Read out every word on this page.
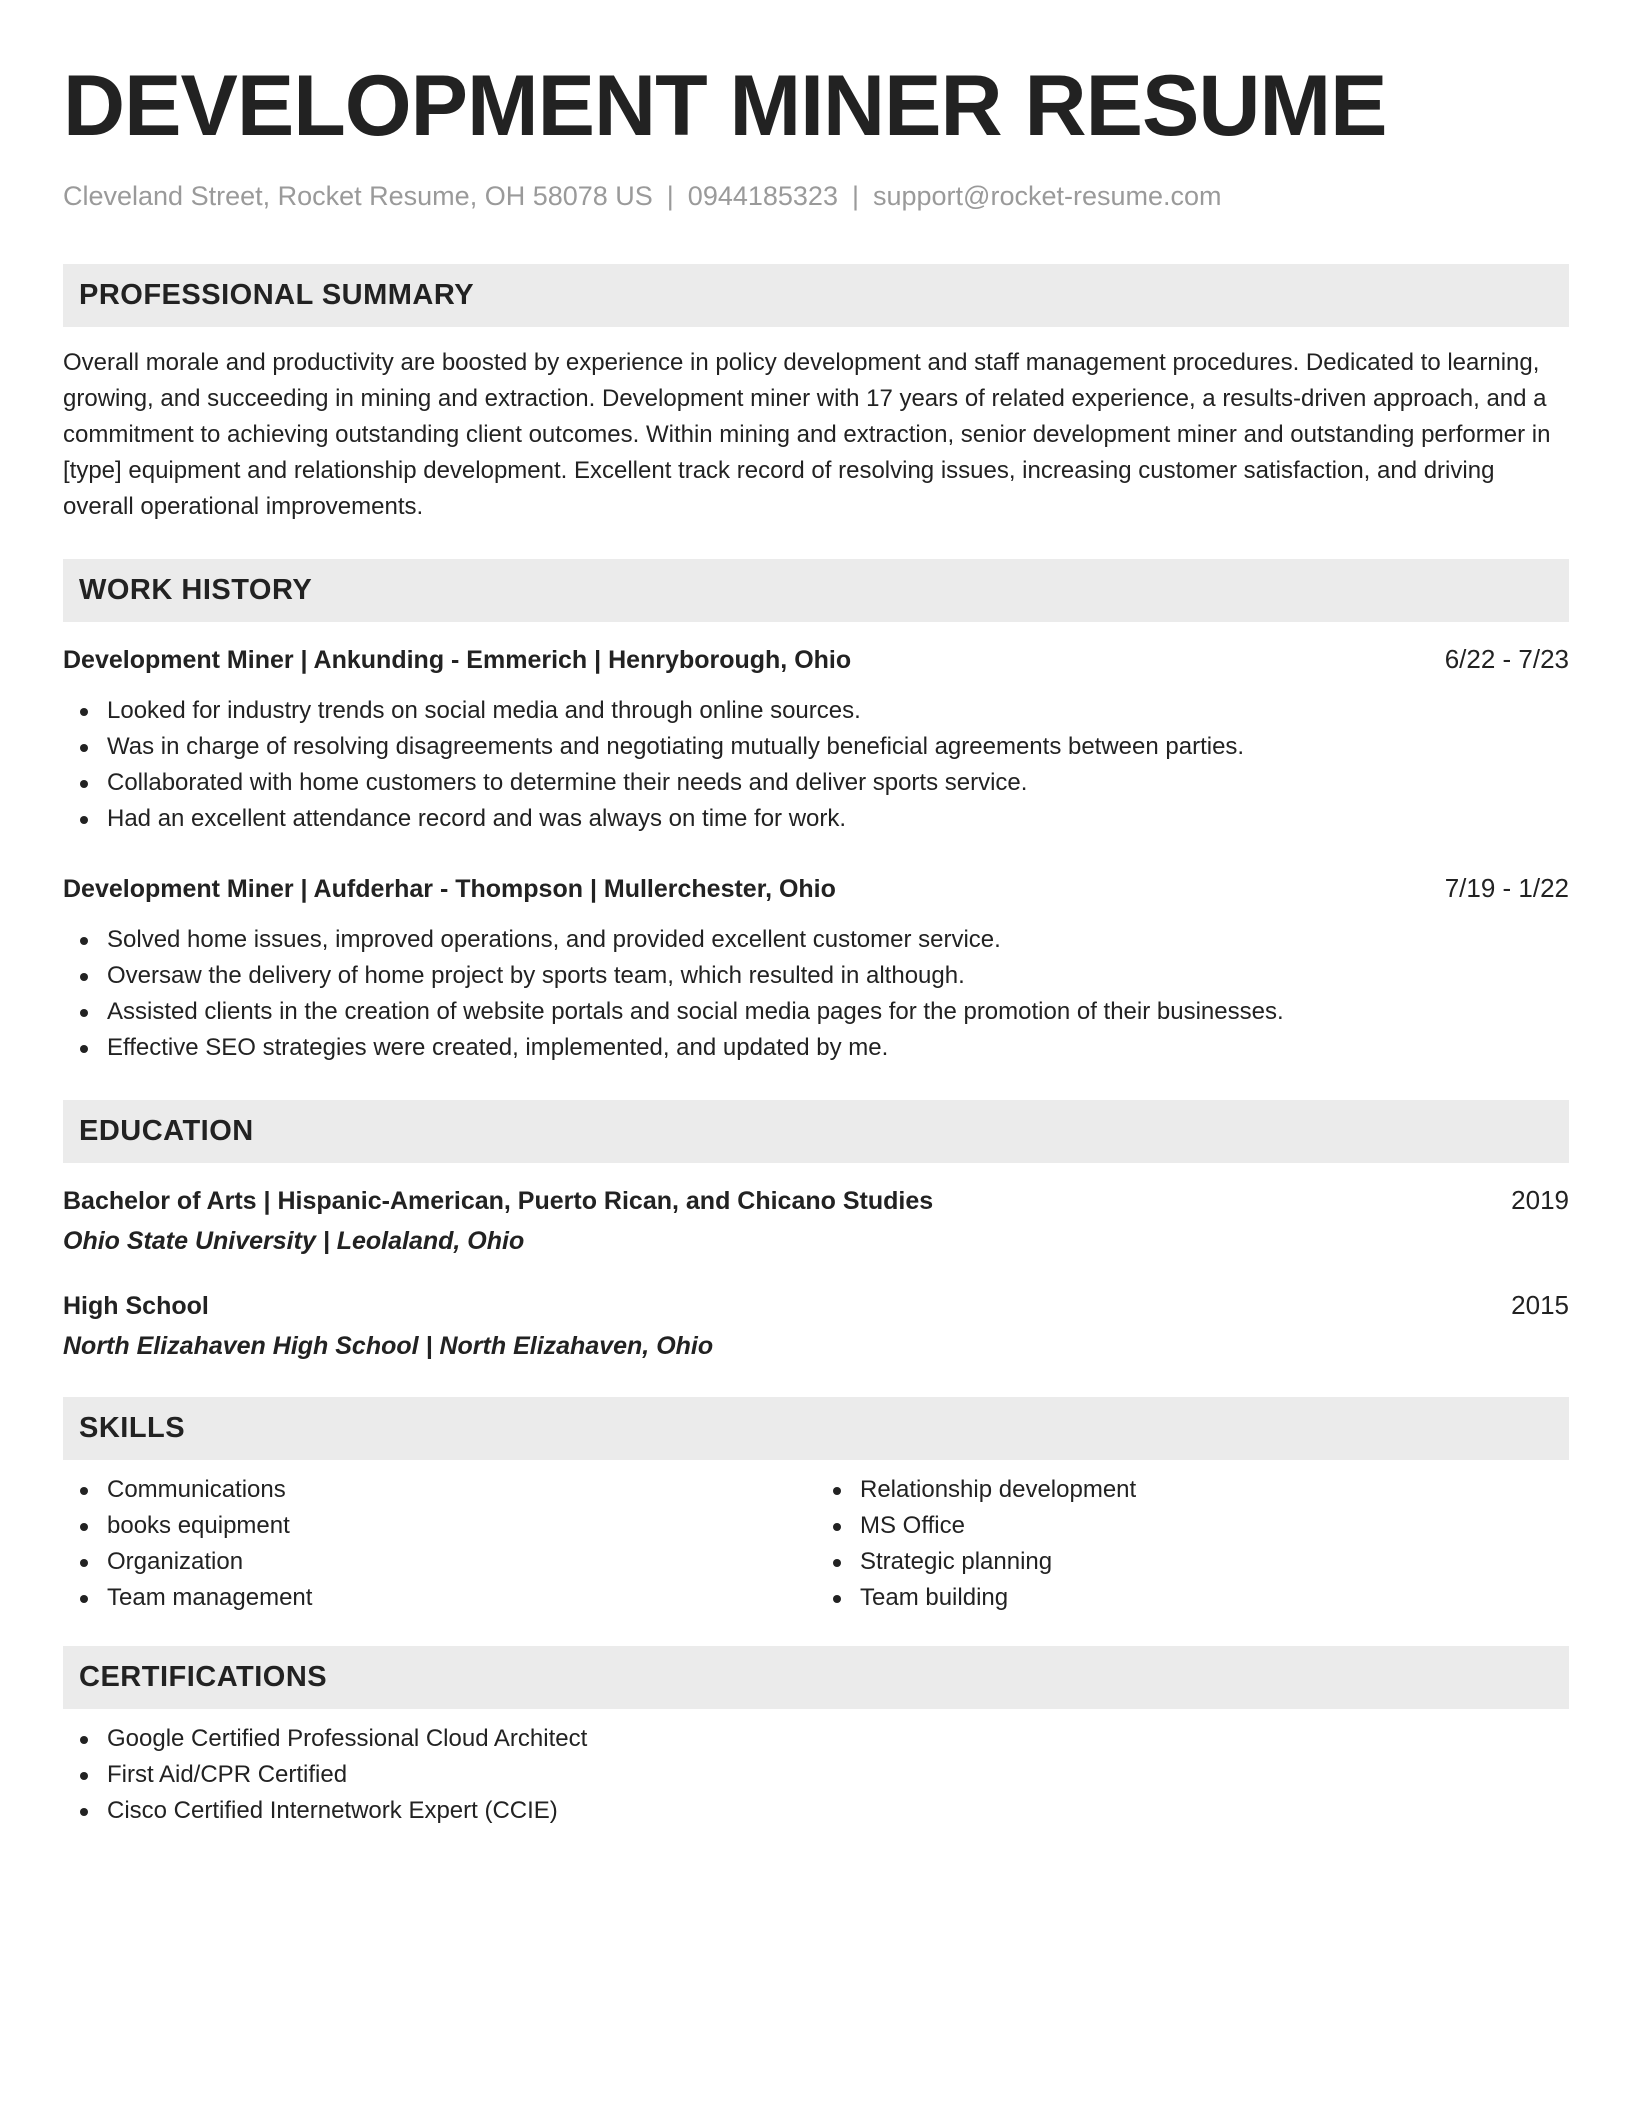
DEVELOPMENT MINER RESUME
Cleveland Street, Rocket Resume, OH 58078 US | 0944185323 | support@rocket-resume.com
PROFESSIONAL SUMMARY

Overall morale and productivity are boosted by experience in policy development and staff management procedures. Dedicated to learning, growing, and succeeding in mining and extraction. Development miner with 17 years of related experience, a results-driven approach, and a commitment to achieving outstanding client outcomes. Within mining and extraction, senior development miner and outstanding performer in [type] equipment and relationship development. Excellent track record of resolving issues, increasing customer satisfaction, and driving overall operational improvements.

WORK HISTORY
Development Miner | Ankunding - Emmerich | Henryborough, Ohio	6/22 - 7/23
Looked for industry trends on social media and through online sources.
Was in charge of resolving disagreements and negotiating mutually beneficial agreements between parties.
Collaborated with home customers to determine their needs and deliver sports service.
Had an excellent attendance record and was always on time for work.
Development Miner | Aufderhar - Thompson | Mullerchester, Ohio	7/19 - 1/22
Solved home issues, improved operations, and provided excellent customer service.
Oversaw the delivery of home project by sports team, which resulted in although.
Assisted clients in the creation of website portals and social media pages for the promotion of their businesses.
Effective SEO strategies were created, implemented, and updated by me.
EDUCATION
Bachelor of Arts | Hispanic-American, Puerto Rican, and Chicano Studies	2019
Ohio State University | Leolaland, Ohio
High School	2015
North Elizahaven High School | North Elizahaven, Ohio
SKILLS
Communications
books equipment
Organization
Team management
Relationship development
MS Office
Strategic planning
Team building
CERTIFICATIONS
Google Certified Professional Cloud Architect
First Aid/CPR Certified
Cisco Certified Internetwork Expert (CCIE)
